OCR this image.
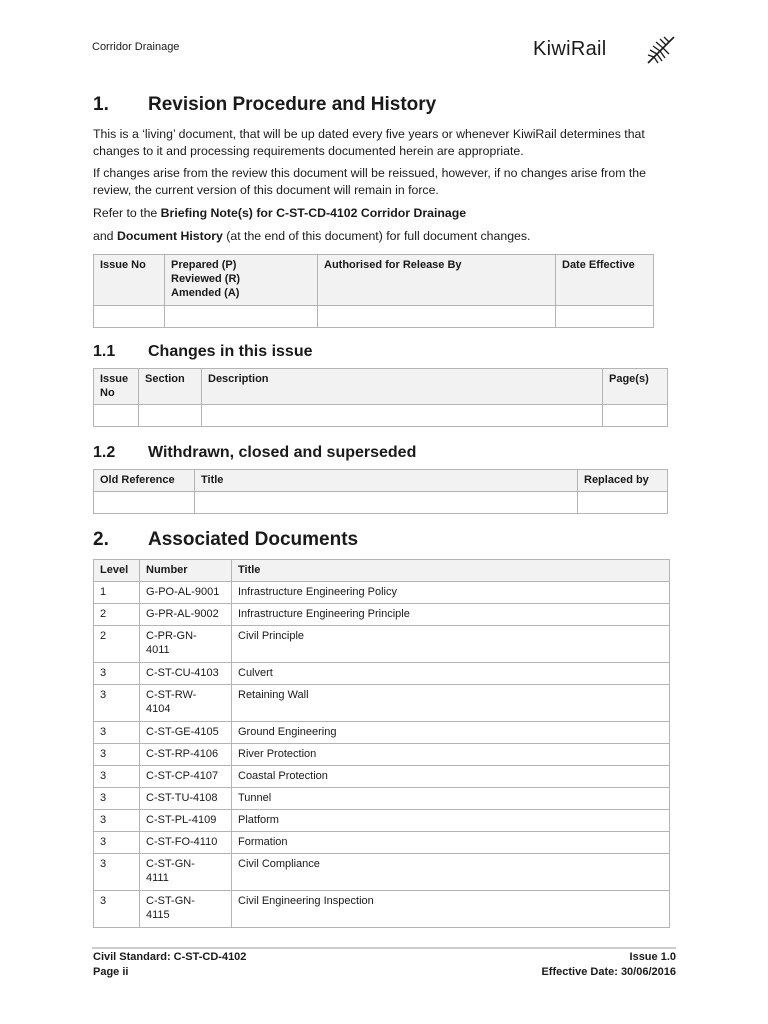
Corridor Drainage	KiwiRail
1. Revision Procedure and History

This is a ‘living’ document, that will be up dated every five years or whenever KiwiRail determines that changes to it and processing requirements documented herein are appropriate.

If changes arise from the review this document will be reissued, however, if no changes arise from the review, the current version of this document will remain in force.

Refer to the Briefing Note(s) for C-ST-CD-4102 Corridor Drainage

and Document History (at the end of this document) for full document changes.

Issue No	Prepared (P)
Reviewed (R)
Amended (A)	Authorised for Release By	Date Effective

1.1 Changes in this issue
Issue No	Section	Description	Page(s)

1.2 Withdrawn, closed and superseded
Old Reference	Title	Replaced by

2. Associated Documents
Level	Number	Title
1	G-PO-AL-9001	Infrastructure Engineering Policy
2	G-PR-AL-9002	Infrastructure Engineering Principle
2	C-PR-GN-
4011	Civil Principle
3	C-ST-CU-4103	Culvert
3	C-ST-RW-
4104	Retaining Wall
3	C-ST-GE-4105	Ground Engineering
3	C-ST-RP-4106	River Protection
3	C-ST-CP-4107	Coastal Protection
3	C-ST-TU-4108	Tunnel
3	C-ST-PL-4109	Platform
3	C-ST-FO-4110	Formation
3	C-ST-GN-
4111	Civil Compliance
3	C-ST-GN-
4115	Civil Engineering Inspection
Civil Standard: C-ST-CD-4102
Page ii
Issue 1.0
Effective Date: 30/06/2016
